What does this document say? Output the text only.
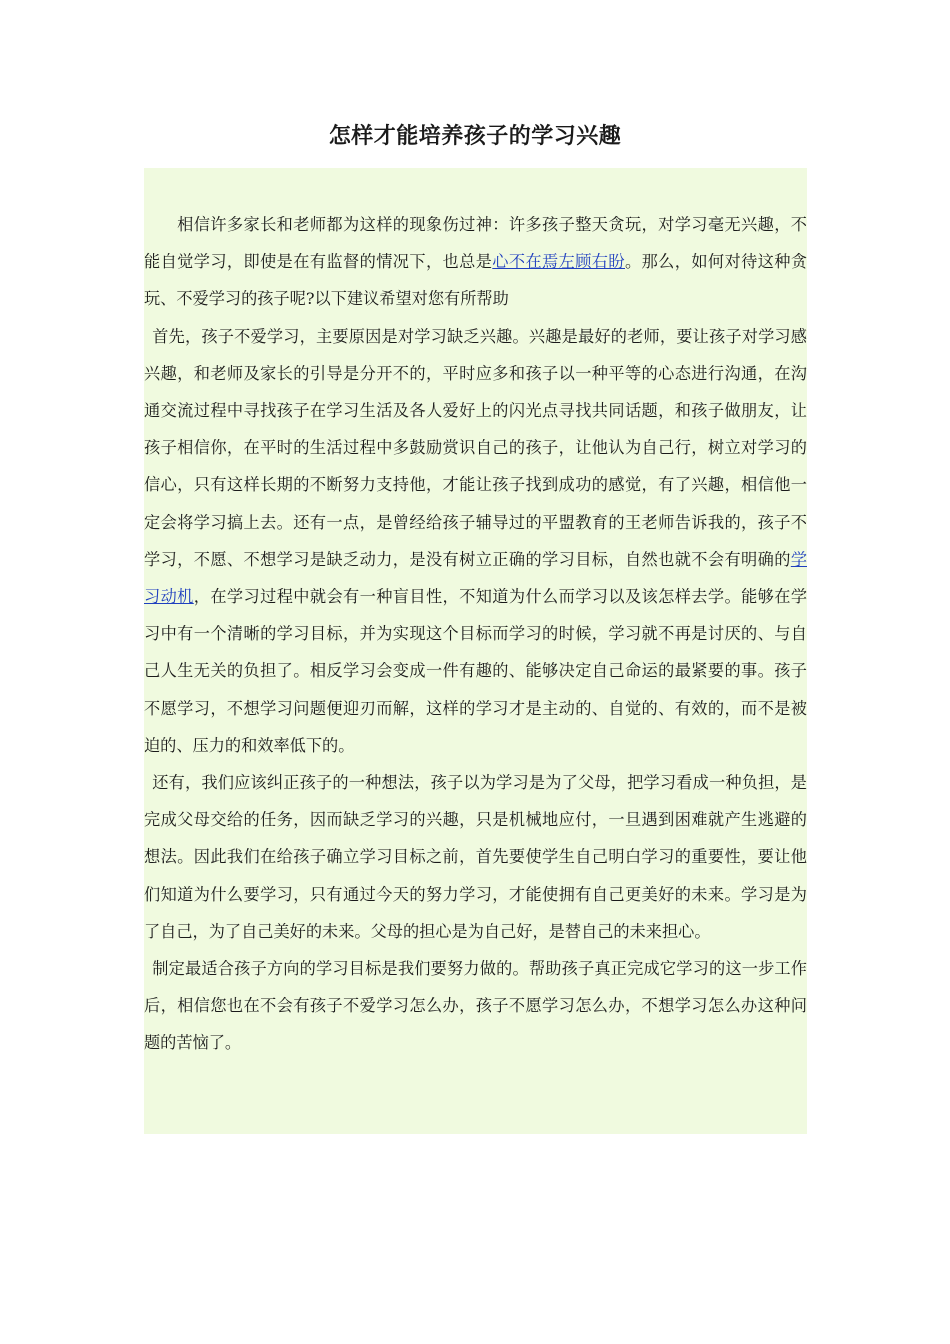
怎样才能培养孩子的学习兴趣

　　相信许多家长和老师都为这样的现象伤过神：许多孩子整天贪玩，对学习毫无兴趣，不能自觉学习，即使是在有监督的情况下，也总是心不在焉左顾右盼。那么，如何对待这种贪玩、不爱学习的孩子呢?以下建议希望对您有所帮助

 首先，孩子不爱学习，主要原因是对学习缺乏兴趣。兴趣是最好的老师，要让孩子对学习感兴趣，和老师及家长的引导是分开不的，平时应多和孩子以一种平等的心态进行沟通，在沟通交流过程中寻找孩子在学习生活及各人爱好上的闪光点寻找共同话题，和孩子做朋友，让孩子相信你，在平时的生活过程中多鼓励赏识自己的孩子，让他认为自己行，树立对学习的信心，只有这样长期的不断努力支持他，才能让孩子找到成功的感觉，有了兴趣，相信他一定会将学习搞上去。还有一点，是曾经给孩子辅导过的平盟教育的王老师告诉我的，孩子不学习，不愿、不想学习是缺乏动力，是没有树立正确的学习目标，自然也就不会有明确的学习动机，在学习过程中就会有一种盲目性，不知道为什么而学习以及该怎样去学。能够在学习中有一个清晰的学习目标，并为实现这个目标而学习的时候，学习就不再是讨厌的、与自己人生无关的负担了。相反学习会变成一件有趣的、能够决定自己命运的最紧要的事。孩子不愿学习，不想学习问题便迎刃而解，这样的学习才是主动的、自觉的、有效的，而不是被迫的、压力的和效率低下的。

 还有，我们应该纠正孩子的一种想法，孩子以为学习是为了父母，把学习看成一种负担，是完成父母交给的任务，因而缺乏学习的兴趣，只是机械地应付，一旦遇到困难就产生逃避的想法。因此我们在给孩子确立学习目标之前，首先要使学生自己明白学习的重要性，要让他们知道为什么要学习，只有通过今天的努力学习，才能使拥有自己更美好的未来。学习是为了自己，为了自己美好的未来。父母的担心是为自己好，是替自己的未来担心。

 制定最适合孩子方向的学习目标是我们要努力做的。帮助孩子真正完成它学习的这一步工作后，相信您也在不会有孩子不爱学习怎么办，孩子不愿学习怎么办，不想学习怎么办这种问题的苦恼了。
